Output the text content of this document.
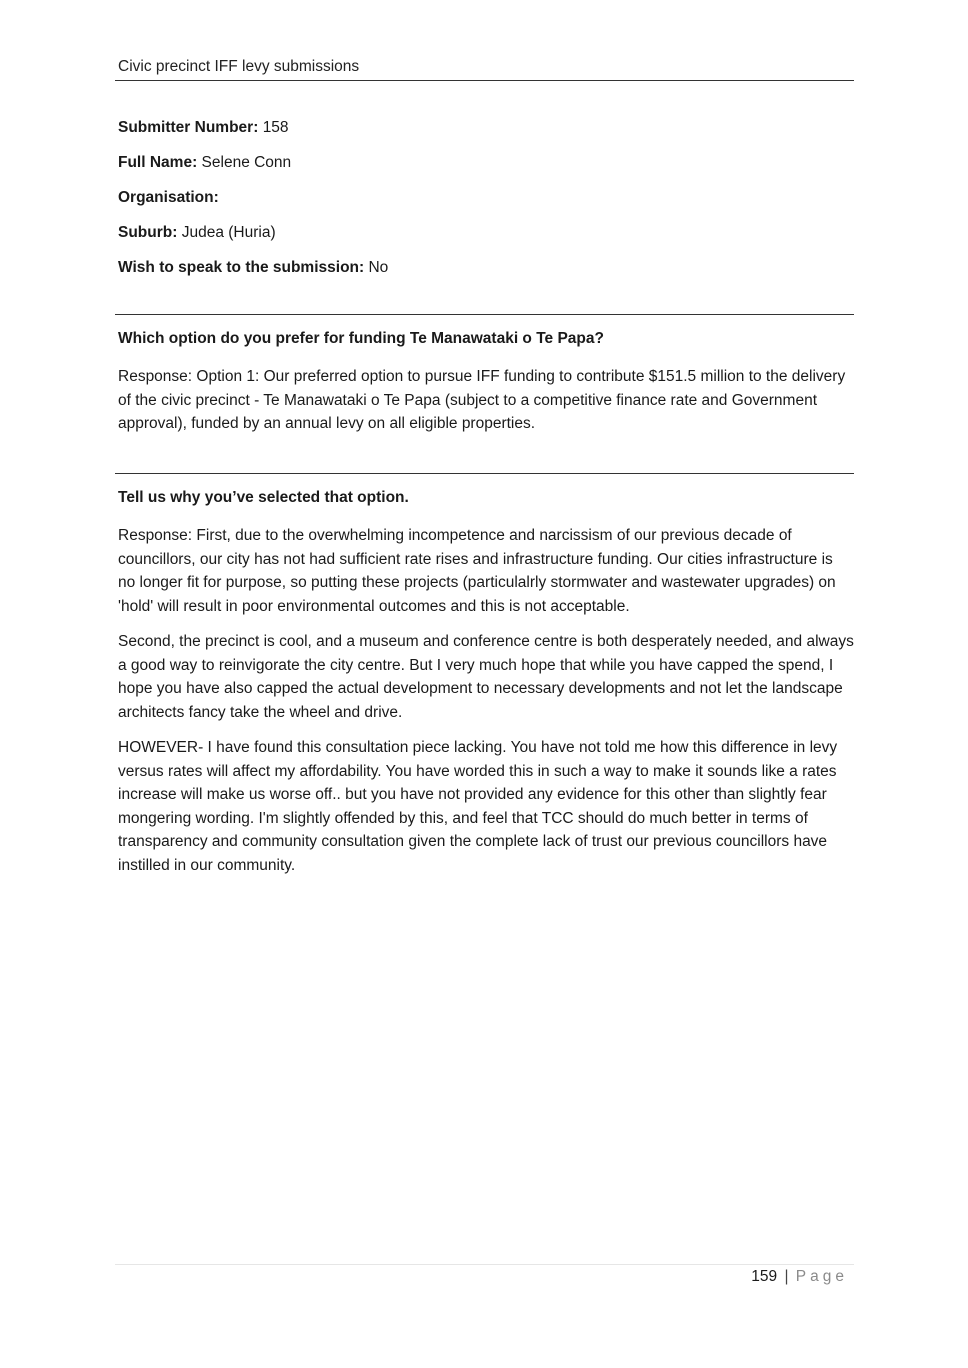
Civic precinct IFF levy submissions
Submitter Number: 158
Full Name: Selene Conn
Organisation:
Suburb: Judea (Huria)
Wish to speak to the submission: No
Which option do you prefer for funding Te Manawataki o Te Papa?

Response: Option 1: Our preferred option to pursue IFF funding to contribute $151.5 million to the delivery of the civic precinct - Te Manawataki o Te Papa (subject to a competitive finance rate and Government approval), funded by an annual levy on all eligible properties.

Tell us why you’ve selected that option.

Response: First, due to the overwhelming incompetence and narcissism of our previous decade of councillors, our city has not had sufficient rate rises and infrastructure funding. Our cities infrastructure is no longer fit for purpose, so putting these projects (particulalrly stormwater and wastewater upgrades) on 'hold' will result in poor environmental outcomes and this is not acceptable.

Second, the precinct is cool, and a museum and conference centre is both desperately needed, and always a good way to reinvigorate the city centre. But I very much hope that while you have capped the spend, I hope you have also capped the actual development to necessary developments and not let the landscape architects fancy take the wheel and drive.

HOWEVER- I have found this consultation piece lacking. You have not told me how this difference in levy versus rates will affect my affordability. You have worded this in such a way to make it sounds like a rates increase will make us worse off.. but you have not provided any evidence for this other than slightly fear mongering wording. I'm slightly offended by this, and feel that TCC should do much better in terms of transparency and community consultation given the complete lack of trust our previous councillors have instilled in our community.

159 | Page
